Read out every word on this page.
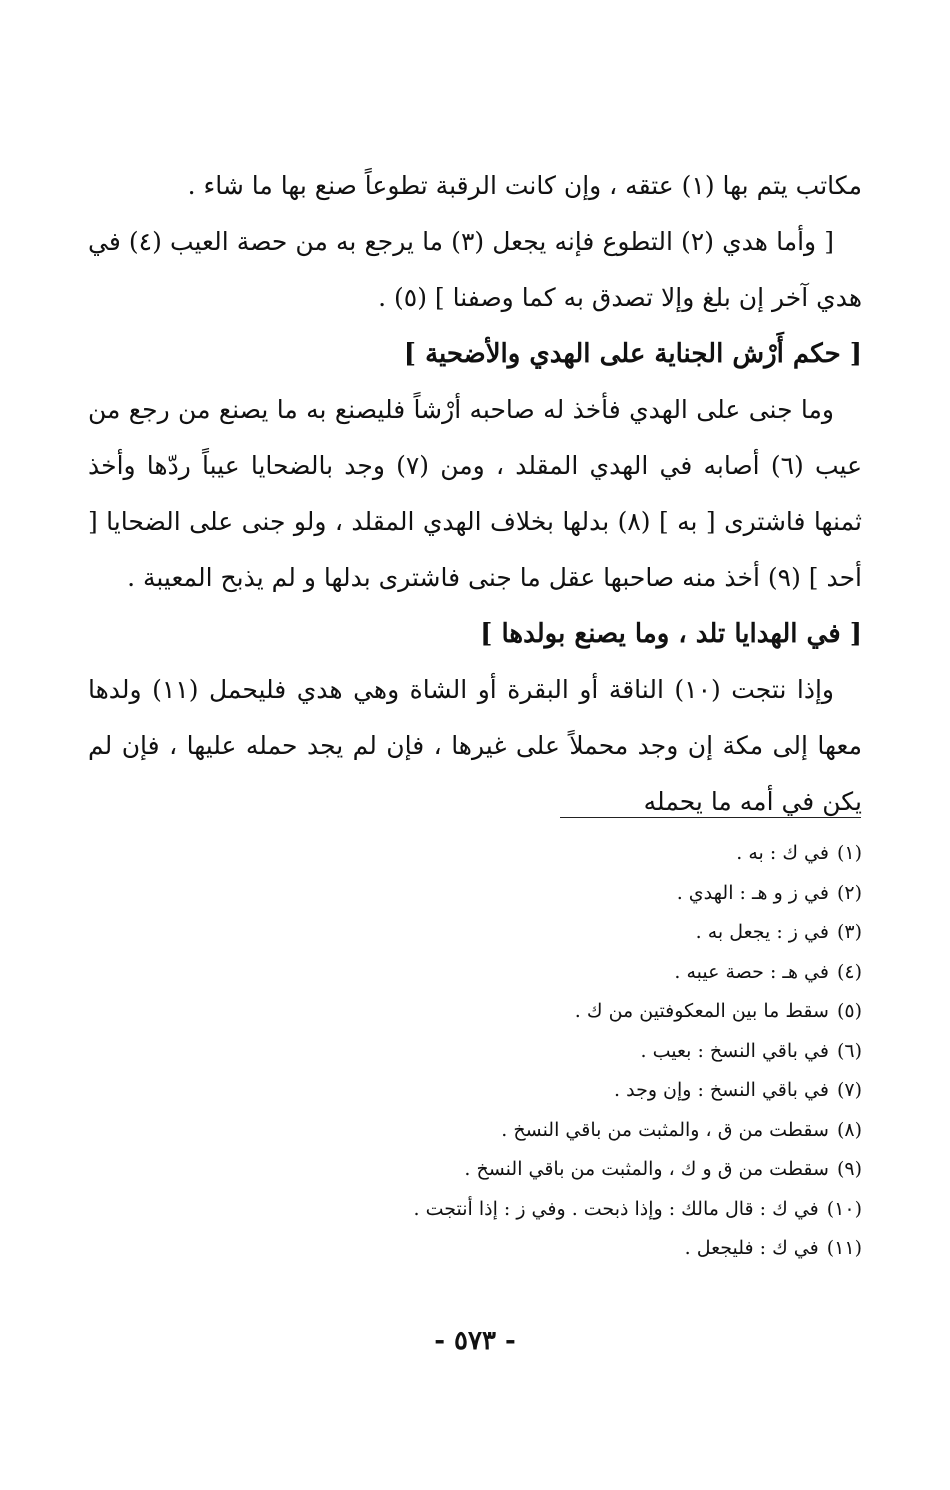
مكاتب يتم بها (١) عتقه ، وإن كانت الرقبة تطوعاً صنع بها ما شاء .

[ وأما هدي (٢) التطوع فإنه يجعل (٣) ما يرجع به من حصة العيب (٤) في هدي آخر إن بلغ وإلا تصدق به كما وصفنا ] (٥) .

[ حكم أَرْش الجناية على الهدي والأضحية ]

وما جنى على الهدي فأخذ له صاحبه أرْشاً فليصنع به ما يصنع من رجع من عيب (٦) أصابه في الهدي المقلد ، ومن (٧) وجد بالضحايا عيباً ردّها وأخذ ثمنها فاشترى [ به ] (٨) بدلها بخلاف الهدي المقلد ، ولو جنى على الضحايا [ أحد ] (٩) أخذ منه صاحبها عقل ما جنى فاشترى بدلها و لم يذبح المعيبة .

[ في الهدايا تلد ، وما يصنع بولدها ]

وإذا نتجت (١٠) الناقة أو البقرة أو الشاة وهي هدي فليحمل (١١) ولدها معها إلى مكة إن وجد محملاً على غيرها ، فإن لم يجد حمله عليها ، فإن لم يكن في أمه ما يحمله

(١)في ك : به .
(٢)في ز و هـ : الهدي .
(٣)في ز : يجعل به .
(٤)في هـ : حصة عيبه .
(٥)سقط ما بين المعكوفتين من ك .
(٦)في باقي النسخ : بعيب .
(٧)في باقي النسخ : وإن وجد .
(٨)سقطت من ق ، والمثبت من باقي النسخ .
(٩)سقطت من ق و ك ، والمثبت من باقي النسخ .
(١٠)في ك : قال مالك : وإذا ذبحت . وفي ز : إذا أنتجت .
(١١)في ك : فليجعل .
- ٥٧٣ -
